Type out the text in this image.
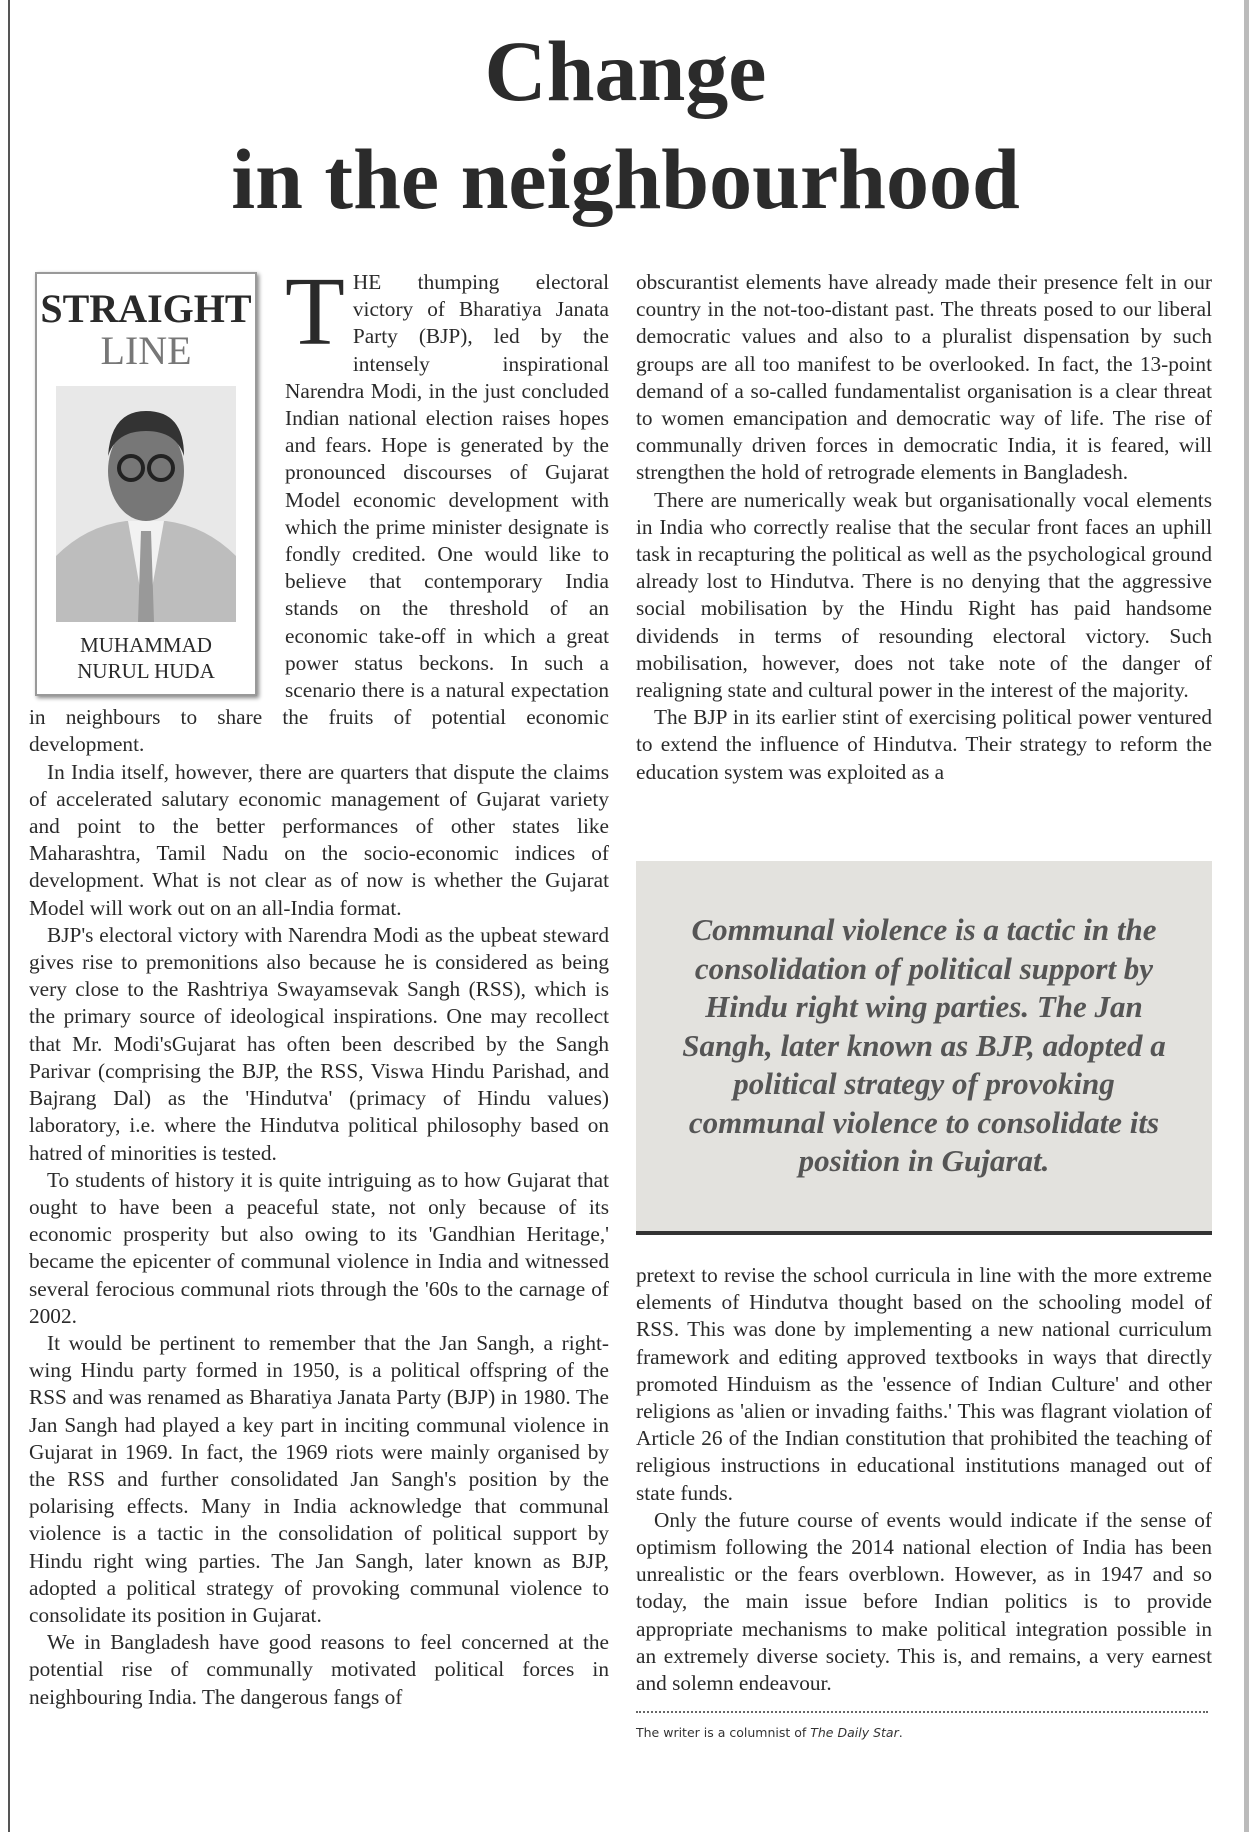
Change
in the neighbourhood
STRAIGHT
LINE
MUHAMMAD
NURUL HUDA

THE thumping electoral victory of Bharatiya Janata Party (BJP), led by the intensely inspirational Narendra Modi, in the just concluded Indian national election raises hopes and fears. Hope is generated by the pronounced discourses of Gujarat Model economic development with which the prime minister designate is fondly credited. One would like to believe that contemporary India stands on the threshold of an economic take-off in which a great power status beckons. In such a scenario there is a natural expectation in neighbours to share the fruits of potential economic development.

In India itself, however, there are quarters that dispute the claims of accelerated salutary economic management of Gujarat variety and point to the better performances of other states like Maharashtra, Tamil Nadu on the socio-economic indices of development. What is not clear as of now is whether the Gujarat Model will work out on an all-India format.

BJP's electoral victory with Narendra Modi as the upbeat steward gives rise to premonitions also because he is considered as being very close to the Rashtriya Swayamsevak Sangh (RSS), which is the primary source of ideological inspirations. One may recollect that Mr. Modi'sGujarat has often been described by the Sangh Parivar (comprising the BJP, the RSS, Viswa Hindu Parishad, and Bajrang Dal) as the 'Hindutva' (primacy of Hindu values) laboratory, i.e. where the Hindutva political philosophy based on hatred of minorities is tested.

To students of history it is quite intriguing as to how Gujarat that ought to have been a peaceful state, not only because of its economic prosperity but also owing to its 'Gandhian Heritage,' became the epicenter of communal violence in India and witnessed several ferocious communal riots through the '60s to the carnage of 2002.

It would be pertinent to remember that the Jan Sangh, a right-wing Hindu party formed in 1950, is a political offspring of the RSS and was renamed as Bharatiya Janata Party (BJP) in 1980. The Jan Sangh had played a key part in inciting communal violence in Gujarat in 1969. In fact, the 1969 riots were mainly organised by the RSS and further consolidated Jan Sangh's position by the polarising effects. Many in India acknowledge that communal violence is a tactic in the consolidation of political support by Hindu right wing parties. The Jan Sangh, later known as BJP, adopted a political strategy of provoking communal violence to consolidate its position in Gujarat.

We in Bangladesh have good reasons to feel concerned at the potential rise of communally motivated political forces in neighbouring India. The dangerous fangs of

obscurantist elements have already made their presence felt in our country in the not-too-distant past. The threats posed to our liberal democratic values and also to a pluralist dispensation by such groups are all too manifest to be overlooked. In fact, the 13-point demand of a so-called fundamentalist organisation is a clear threat to women emancipation and democratic way of life. The rise of communally driven forces in democratic India, it is feared, will strengthen the hold of retrograde elements in Bangladesh.

There are numerically weak but organisationally vocal elements in India who correctly realise that the secular front faces an uphill task in recapturing the political as well as the psychological ground already lost to Hindutva. There is no denying that the aggressive social mobilisation by the Hindu Right has paid handsome dividends in terms of resounding electoral victory. Such mobilisation, however, does not take note of the danger of realigning state and cultural power in the interest of the majority.

The BJP in its earlier stint of exercising political power ventured to extend the influence of Hindutva. Their strategy to reform the education system was exploited as a

Communal violence is a tactic in the consolidation of political support by Hindu right wing parties. The Jan Sangh, later known as BJP, adopted a political strategy of provoking communal violence to consolidate its position in Gujarat.

pretext to revise the school curricula in line with the more extreme elements of Hindutva thought based on the schooling model of RSS. This was done by implementing a new national curriculum framework and editing approved textbooks in ways that directly promoted Hinduism as the 'essence of Indian Culture' and other religions as 'alien or invading faiths.' This was flagrant violation of Article 26 of the Indian constitution that prohibited the teaching of religious instructions in educational institutions managed out of state funds.

Only the future course of events would indicate if the sense of optimism following the 2014 national election of India has been unrealistic or the fears overblown. However, as in 1947 and so today, the main issue before Indian politics is to provide appropriate mechanisms to make political integration possible in an extremely diverse society. This is, and remains, a very earnest and solemn endeavour.

The writer is a columnist of The Daily Star.
